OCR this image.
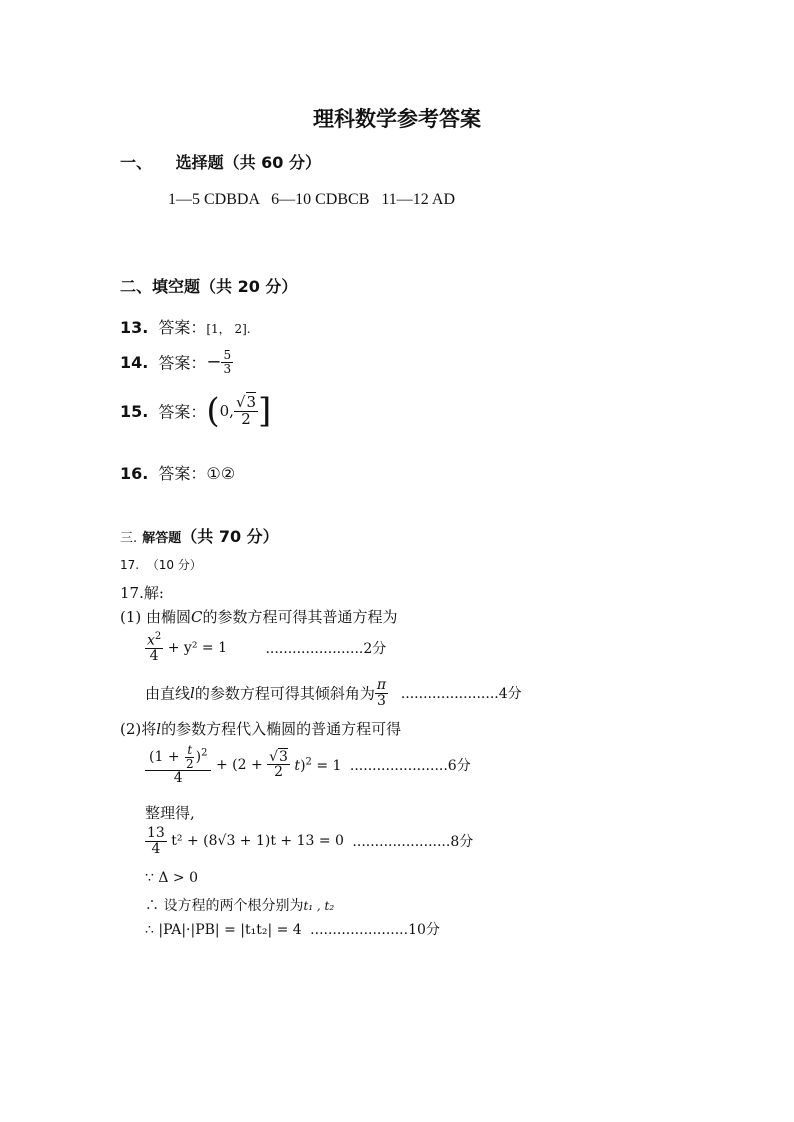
理科数学参考答案
一、 选择题（共 60 分）
1—5 CDBDA   6—10 CDBCB   11—12 AD
二、填空题（共 20 分）
13. 答案：[1， 2].
14. 答案：− $\frac{5}{3}$
15. 答案：(0, $\frac{√3}{2}$ ]
16. 答案：①②
三. 解答题（共 70 分）
17.  （10 分）
17.解:
(1) 由椭圆C的参数方程可得其普通方程为
$\frac{x^2}{4} + y^2 = 1$	......................2分
由直线l的参数方程可得其倾斜角为 $\frac{\pi}{3} ......................4$分
(2)将l的参数方程代入椭圆的普通方程可得
$\frac{(1 + \frac{t}{2} )^2}{4} + (2 + \frac{√3}{2} t)^2 = 1$ ......................6分
整理得,
$\frac{13}{4} t^2 + (8√3 + 1)t + 13 = 0$ ......................8分
∵ Δ > 0
∴ 设方程的两个根分别为t₁ , t₂
∴ |PA|·|PB| = |t₁t₂| = 4 ......................10分
